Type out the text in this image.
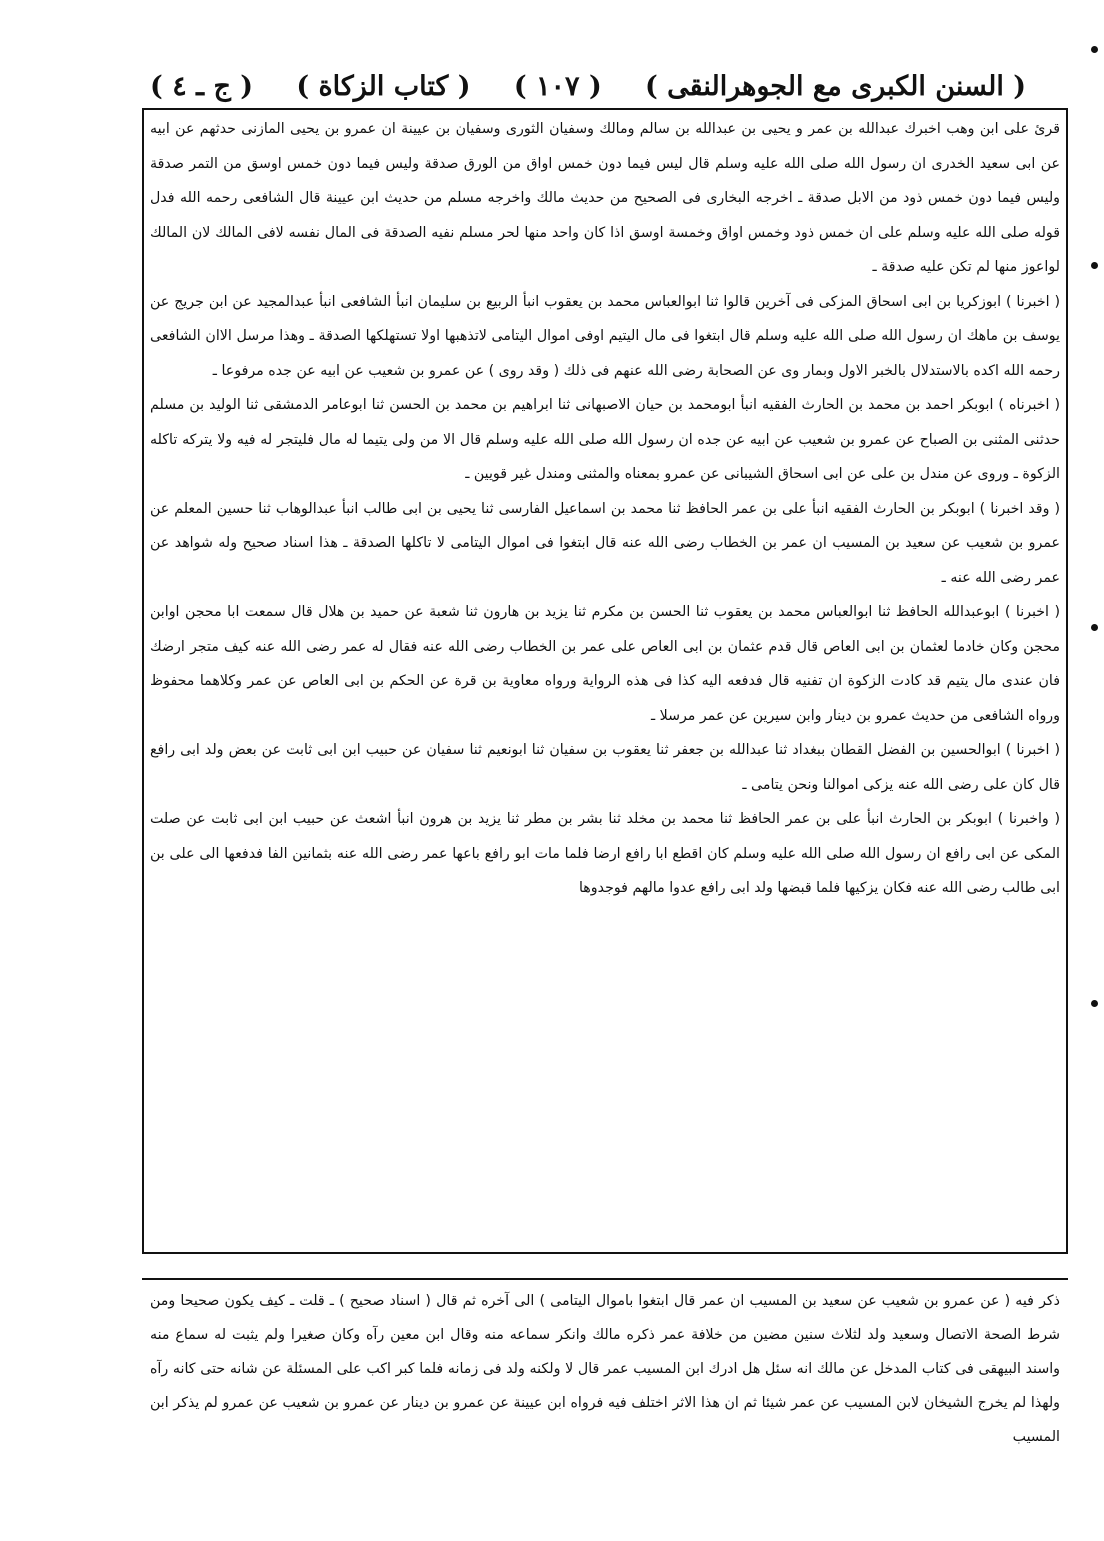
( السنن الكبرى مع الجوهرالنقى )
( ١٠٧ )
( كتاب الزكاة )
( ج ـ ٤ )

قرئ على ابن وهب اخبرك عبدالله بن عمر و يحيى بن عبدالله بن سالم ومالك وسفيان الثورى وسفيان بن عيينة ان عمرو بن يحيى المازنى حدثهم عن ابيه عن ابى سعيد الخدرى ان رسول الله صلى الله عليه وسلم قال ليس فيما دون خمس اواق من الورق صدقة وليس فيما دون خمس اوسق من التمر صدقة وليس فيما دون خمس ذود من الابل صدقة ـ اخرجه البخارى فى الصحيح من حديث مالك واخرجه مسلم من حديث ابن عيينة قال الشافعى رحمه الله فدل قوله صلى الله عليه وسلم على ان خمس ذود وخمس اواق وخمسة اوسق اذا كان واحد منها لحر مسلم نفيه الصدقة فى المال نفسه لافى المالك لان المالك لواعوز منها لم تكن عليه صدقة ـ

( اخبرنا ) ابوزكريا بن ابى اسحاق المزكى فى آخرين قالوا ثنا ابوالعباس محمد بن يعقوب انبأ الربيع بن سليمان انبأ الشافعى انبأ عبدالمجيد عن ابن جريج عن يوسف بن ماهك ان رسول الله صلى الله عليه وسلم قال ابتغوا فى مال اليتيم اوفى اموال اليتامى لاتذهبها اولا تستهلكها الصدقة ـ وهذا مرسل الاان الشافعى رحمه الله اكده بالاستدلال بالخبر الاول وبمار وى عن الصحابة رضى الله عنهم فى ذلك ( وقد روى ) عن عمرو بن شعيب عن ابيه عن جده مرفوعا ـ

( اخبرناه ) ابوبكر احمد بن محمد بن الحارث الفقيه انبأ ابومحمد بن حيان الاصبهانى ثنا ابراهيم بن محمد بن الحسن ثنا ابوعامر الدمشقى ثنا الوليد بن مسلم حدثنى المثنى بن الصباح عن عمرو بن شعيب عن ابيه عن جده ان رسول الله صلى الله عليه وسلم قال الا من ولى يتيما له مال فليتجر له فيه ولا يتركه تاكله الزكوة ـ وروى عن مندل بن على عن ابى اسحاق الشيبانى عن عمرو بمعناه والمثنى ومندل غير قويين ـ

( وقد اخبرنا ) ابوبكر بن الحارث الفقيه انبأ على بن عمر الحافظ ثنا محمد بن اسماعيل الفارسى ثنا يحيى بن ابى طالب انبأ عبدالوهاب ثنا حسين المعلم عن عمرو بن شعيب عن سعيد بن المسيب ان عمر بن الخطاب رضى الله عنه قال ابتغوا فى اموال اليتامى لا تاكلها الصدقة ـ هذا اسناد صحيح وله شواهد عن عمر رضى الله عنه ـ

( اخبرنا ) ابوعبدالله الحافظ ثنا ابوالعباس محمد بن يعقوب ثنا الحسن بن مكرم ثنا يزيد بن هارون ثنا شعبة عن حميد بن هلال قال سمعت ابا محجن اوابن محجن وكان خادما لعثمان بن ابى العاص قال قدم عثمان بن ابى العاص على عمر بن الخطاب رضى الله عنه فقال له عمر رضى الله عنه كيف متجر ارضك فان عندى مال يتيم قد كادت الزكوة ان تفنيه قال فدفعه اليه كذا فى هذه الرواية ورواه معاوية بن قرة عن الحكم بن ابى العاص عن عمر وكلاهما محفوظ ورواه الشافعى من حديث عمرو بن دينار وابن سيرين عن عمر مرسلا ـ

( اخبرنا ) ابوالحسين بن الفضل القطان ببغداد ثنا عبدالله بن جعفر ثنا يعقوب بن سفيان ثنا ابونعيم ثنا سفيان عن حبيب ابن ابى ثابت عن بعض ولد ابى رافع قال كان على رضى الله عنه يزكى اموالنا ونحن يتامى ـ

( واخبرنا ) ابوبكر بن الحارث انبأ على بن عمر الحافظ ثنا محمد بن مخلد ثنا بشر بن مطر ثنا يزيد بن هرون انبأ اشعث عن حبيب ابن ابى ثابت عن صلت المكى عن ابى رافع ان رسول الله صلى الله عليه وسلم كان اقطع ابا رافع ارضا فلما مات ابو رافع باعها عمر رضى الله عنه بثمانين الفا فدفعها الى على بن ابى طالب رضى الله عنه فكان يزكيها فلما قبضها ولد ابى رافع عدوا مالهم فوجدوها

ذكر فيه ( عن عمرو بن شعيب عن سعيد بن المسيب ان عمر قال ابتغوا باموال اليتامى ) الى آخره ثم قال ( اسناد صحيح ) ـ قلت ـ كيف يكون صحيحا ومن شرط الصحة الاتصال وسعيد ولد لثلاث سنين مضين من خلافة عمر ذكره مالك وانكر سماعه منه وقال ابن معين رآه وكان صغيرا ولم يثبت له سماع منه واسند البيهقى فى كتاب المدخل عن مالك انه سئل هل ادرك ابن المسيب عمر قال لا ولكنه ولد فى زمانه فلما كبر اكب على المسئلة عن شانه حتى كانه رآه ولهذا لم يخرج الشيخان لابن المسيب عن عمر شيئا ثم ان هذا الاثر اختلف فيه فرواه ابن عيينة عن عمرو بن دينار عن عمرو بن شعيب عن عمرو لم يذكر ابن المسيب
